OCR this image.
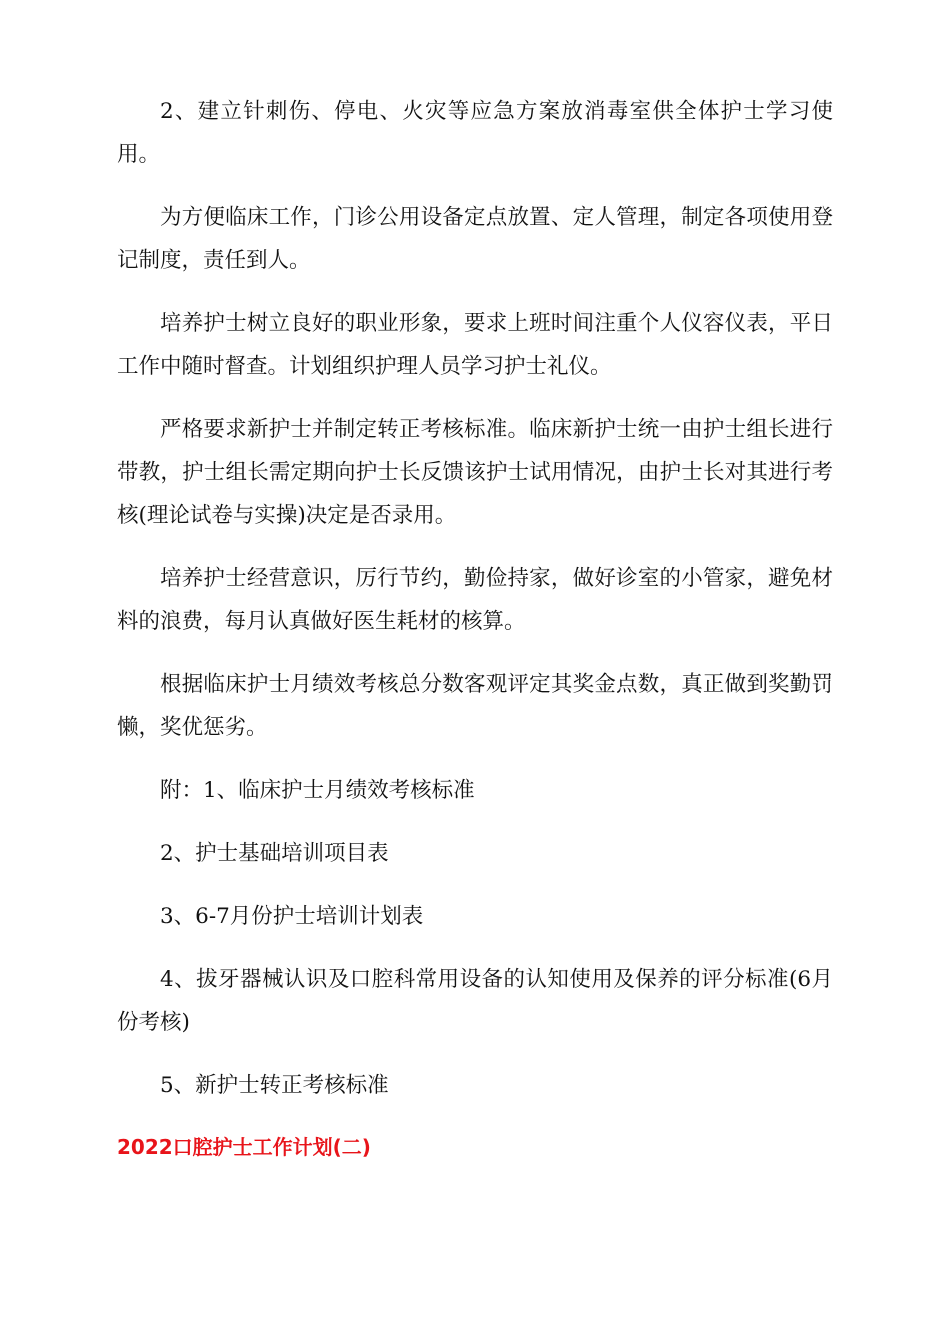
2、建立针刺伤、停电、火灾等应急方案放消毒室供全体护士学习使用。

为方便临床工作，门诊公用设备定点放置、定人管理，制定各项使用登记制度，责任到人。

培养护士树立良好的职业形象，要求上班时间注重个人仪容仪表，平日工作中随时督查。计划组织护理人员学习护士礼仪。

严格要求新护士并制定转正考核标准。临床新护士统一由护士组长进行带教，护士组长需定期向护士长反馈该护士试用情况，由护士长对其进行考核(理论试卷与实操)决定是否录用。

培养护士经营意识，厉行节约，勤俭持家，做好诊室的小管家，避免材料的浪费，每月认真做好医生耗材的核算。

根据临床护士月绩效考核总分数客观评定其奖金点数，真正做到奖勤罚懒，奖优惩劣。

附：1、临床护士月绩效考核标准

2、护士基础培训项目表

3、6-7月份护士培训计划表

4、拔牙器械认识及口腔科常用设备的认知使用及保养的评分标准(6月份考核)

5、新护士转正考核标准

2022口腔护士工作计划(二)
